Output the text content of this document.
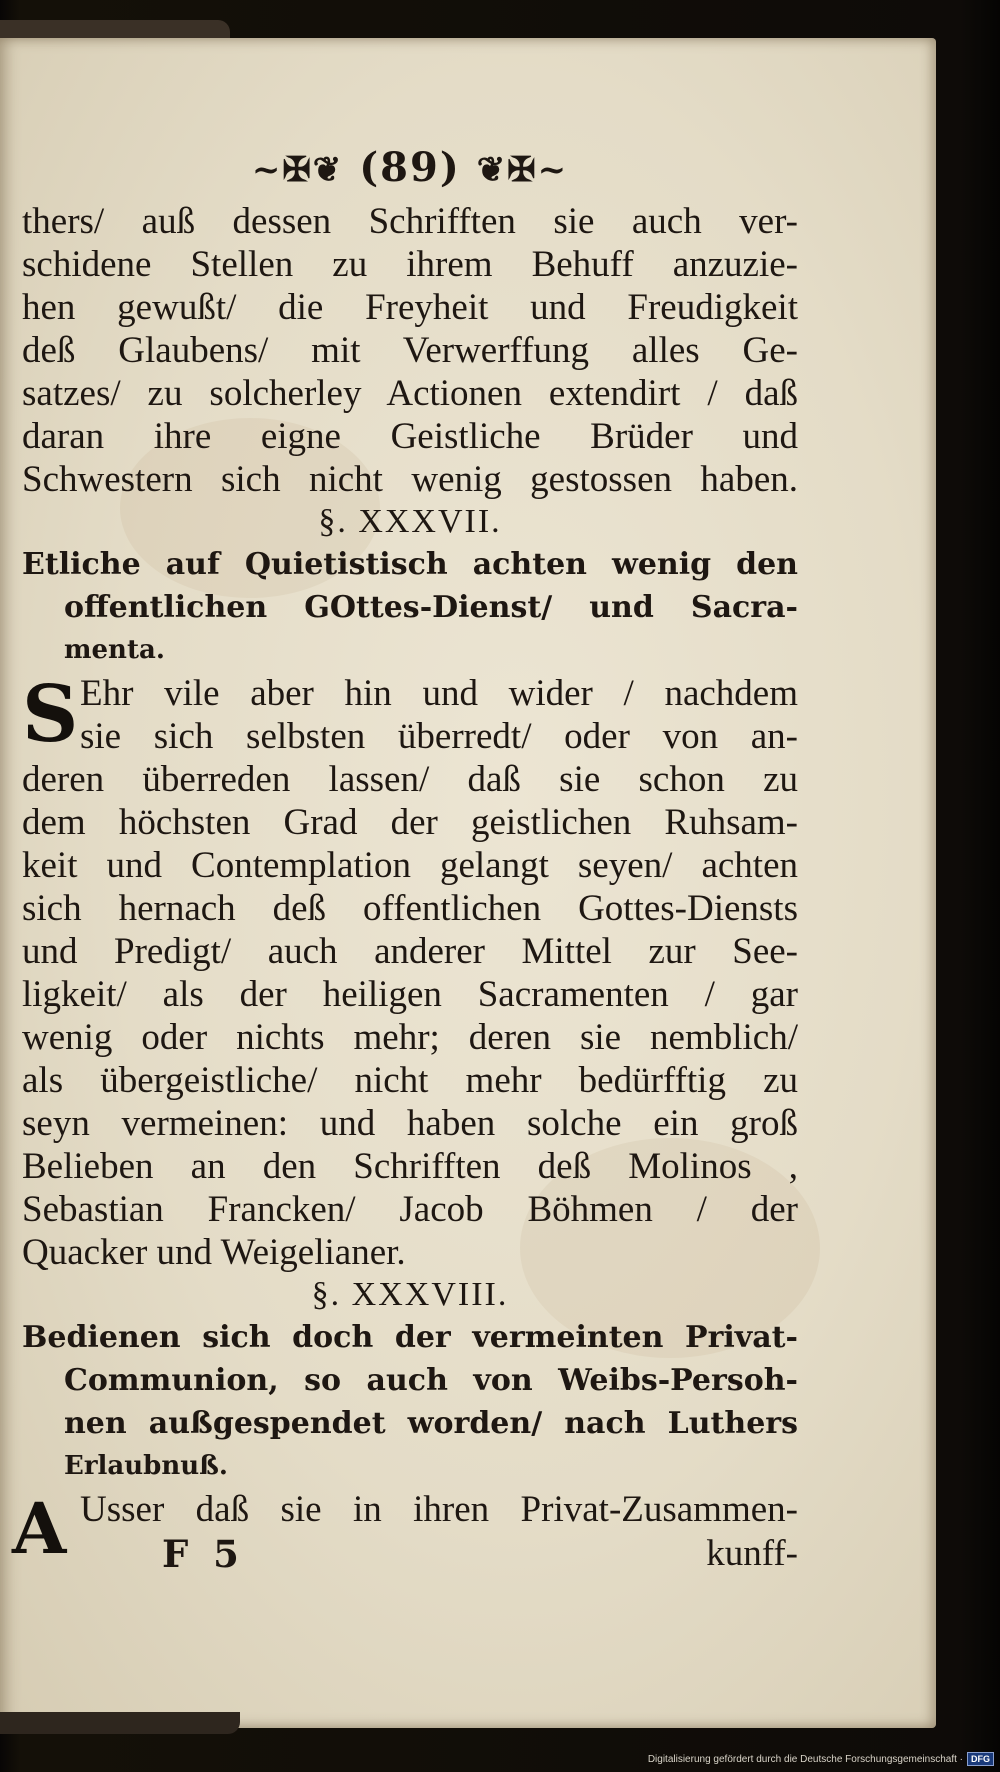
~✠❦ (89) ❦✠~
thers/ auß dessen Schrifften sie auch ver-
schidene Stellen zu ihrem Behuff anzuzie-
hen gewußt/ die Freyheit und Freudigkeit
deß Glaubens/ mit Verwerffung alles Ge-
satzes/ zu solcherley Actionen extendirt / daß
daran ihre eigne Geistliche Brüder und
Schwestern sich nicht wenig gestossen haben.
§. XXXVII.
Etliche auf Quietistisch achten wenig den
offentlichen GOttes-Dienst/ und Sacra-
menta.
S Ehr vile aber hin und wider / nachdem
sie sich selbsten überredt/ oder von an-
deren überreden lassen/ daß sie schon zu
dem höchsten Grad der geistlichen Ruhsam-
keit und Contemplation gelangt seyen/ achten
sich hernach deß offentlichen Gottes-Diensts
und Predigt/ auch anderer Mittel zur See-
ligkeit/ als der heiligen Sacramenten / gar
wenig oder nichts mehr; deren sie nemblich/
als übergeistliche/ nicht mehr bedürfftig zu
seyn vermeinen: und haben solche ein groß
Belieben an den Schrifften deß Molinos ,
Sebastian Francken/ Jacob Böhmen / der
Quacker und Weigelianer.
§. XXXVIII.
Bedienen sich doch der vermeinten Privat-
Communion, so auch von Weibs-Persoh-
nen außgespendet worden/ nach Luthers
Erlaubnuß.
A Usser daß sie in ihren Privat-Zusammen-
F 5	kunff-
Digitalisierung gefördert durch die Deutsche Forschungsgemeinschaft · DFG
